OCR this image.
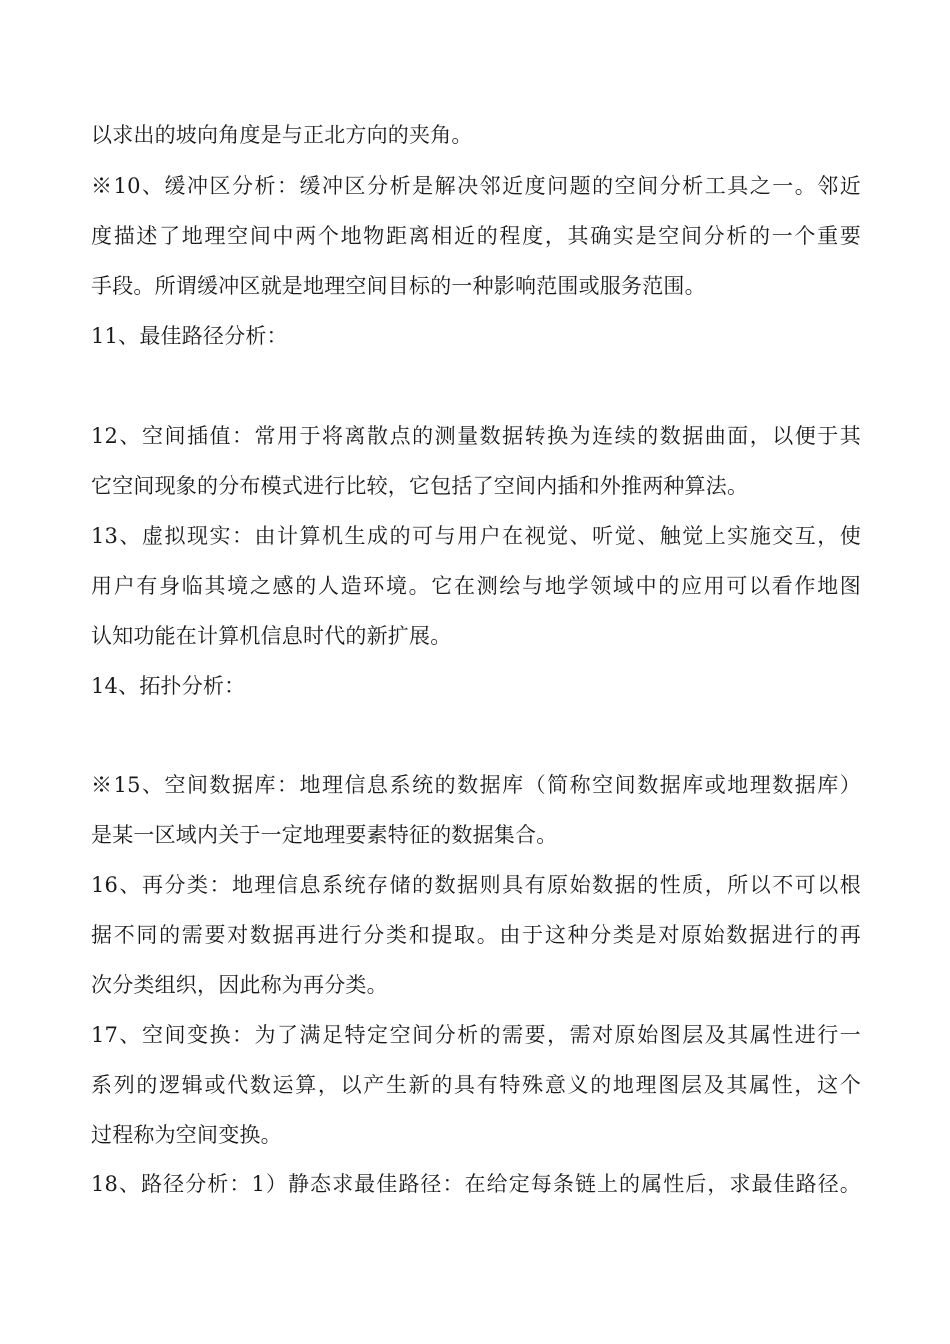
以求出的坡向角度是与正北方向的夹角。
※10、缓冲区分析：缓冲区分析是解决邻近度问题的空间分析工具之一。邻近
度描述了地理空间中两个地物距离相近的程度，其确实是空间分析的一个重要
手段。所谓缓冲区就是地理空间目标的一种影响范围或服务范围。
11、最佳路径分析：
12、空间插值：常用于将离散点的测量数据转换为连续的数据曲面，以便于其
它空间现象的分布模式进行比较，它包括了空间内插和外推两种算法。
13、虚拟现实：由计算机生成的可与用户在视觉、听觉、触觉上实施交互，使
用户有身临其境之感的人造环境。它在测绘与地学领域中的应用可以看作地图
认知功能在计算机信息时代的新扩展。
14、拓扑分析：
※15、空间数据库：地理信息系统的数据库（简称空间数据库或地理数据库）
是某一区域内关于一定地理要素特征的数据集合。
16、再分类：地理信息系统存储的数据则具有原始数据的性质，所以不可以根
据不同的需要对数据再进行分类和提取。由于这种分类是对原始数据进行的再
次分类组织，因此称为再分类。
17、空间变换：为了满足特定空间分析的需要，需对原始图层及其属性进行一
系列的逻辑或代数运算，以产生新的具有特殊意义的地理图层及其属性，这个
过程称为空间变换。
18、路径分析：1）静态求最佳路径：在给定每条链上的属性后，求最佳路径。
